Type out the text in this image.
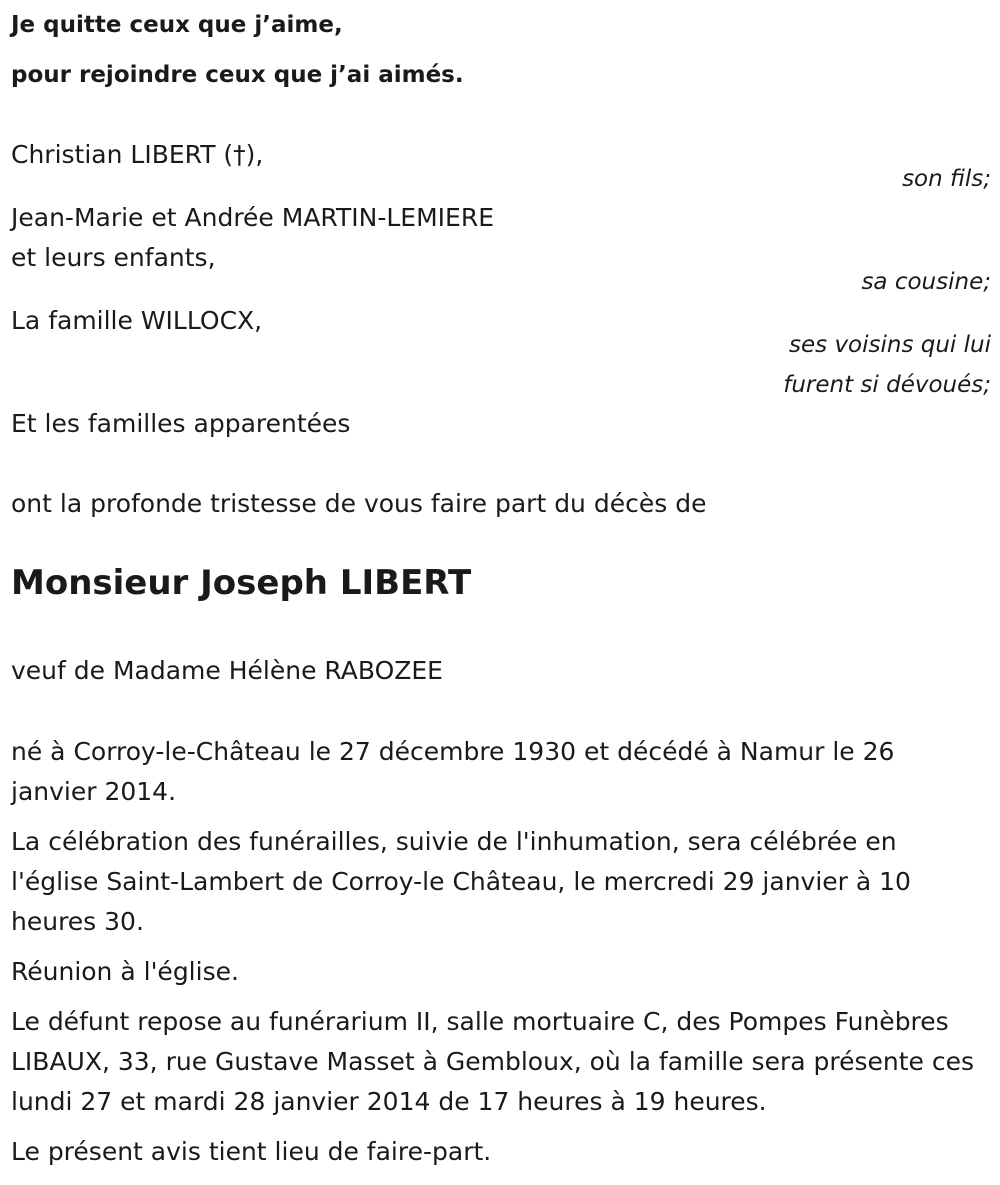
Je quitte ceux que j’aime,

pour rejoindre ceux que j’ai aimés.

Christian LIBERT (†),

son fils;

Jean-Marie et Andrée MARTIN-LEMIERE

et leurs enfants,

sa cousine;

La famille WILLOCX,

ses voisins qui lui

furent si dévoués;

Et les familles apparentées

ont la profonde tristesse de vous faire part du décès de

Monsieur Joseph LIBERT

veuf de Madame Hélène RABOZEE

né à Corroy-le-Château le 27 décembre 1930 et décédé à Namur le 26 janvier 2014.

La célébration des funérailles, suivie de l'inhumation, sera célébrée en l'église Saint-Lambert de Corroy-le Château, le mercredi 29 janvier à 10 heures 30.

Réunion à l'église.

Le défunt repose au funérarium II, salle mortuaire C, des Pompes Funèbres LIBAUX, 33, rue Gustave Masset à Gembloux, où la famille sera présente ces lundi 27 et mardi 28 janvier 2014 de 17 heures à 19 heures.

Le présent avis tient lieu de faire-part.
